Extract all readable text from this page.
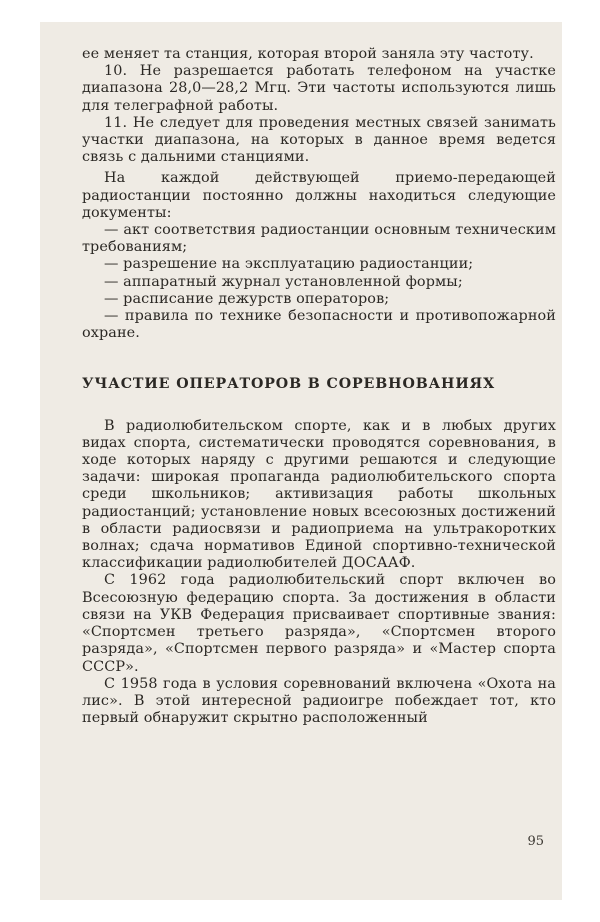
ее меняет та станция, которая второй заняла эту частоту.

10. Не разрешается работать телефоном на участке диапазона 28,0—28,2 Мгц. Эти частоты используются лишь для телеграфной работы.

11. Не следует для проведения местных связей занимать участки диапазона, на которых в данное время ведется связь с дальними станциями.

На каждой действующей приемо-передающей радиостанции постоянно должны находиться следующие документы:

— акт соответствия радиостанции основным техническим требованиям;

— разрешение на эксплуатацию радиостанции;

— аппаратный журнал установленной формы;

— расписание дежурств операторов;

— правила по технике безопасности и противопожарной охране.

УЧАСТИЕ ОПЕРАТОРОВ В СОРЕВНОВАНИЯХ

В радиолюбительском спорте, как и в любых других видах спорта, систематически проводятся соревнования, в ходе которых наряду с другими решаются и следующие задачи: широкая пропаганда радиолюбительского спорта среди школьников; активизация работы школьных радиостанций; установление новых всесоюзных достижений в области радиосвязи и радиоприема на ультракоротких волнах; сдача нормативов Единой спортивно-технической классификации радиолюбителей ДОСААФ.

С 1962 года радиолюбительский спорт включен во Всесоюзную федерацию спорта. За достижения в области связи на УКВ Федерация присваивает спортивные звания: «Спортсмен третьего разряда», «Спортсмен второго разряда», «Спортсмен первого разряда» и «Мастер спорта СССР».

С 1958 года в условия соревнований включена «Охота на лис». В этой интересной радиоигре побеждает тот, кто первый обнаружит скрытно расположенный

95
